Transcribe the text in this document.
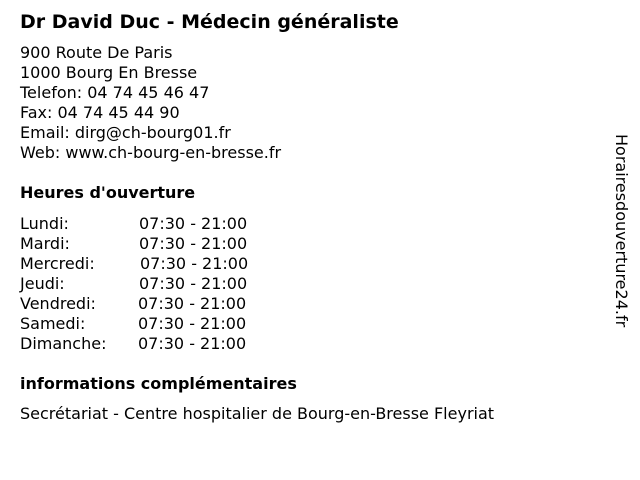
Dr David Duc - Médecin généraliste
900 Route De Paris
1000 Bourg En Bresse
Telefon: 04 74 45 46 47
Fax: 04 74 45 44 90
Email: dirg@ch-bourg01.fr
Web: www.ch-bourg-en-bresse.fr
Heures d'ouverture
Lundi:	07:30 - 21:00
Mardi:	07:30 - 21:00
Mercredi:	07:30 - 21:00
Jeudi:	07:30 - 21:00
Vendredi:	07:30 - 21:00
Samedi:	07:30 - 21:00
Dimanche: 07:30 - 21:00
informations complémentaires
Secrétariat - Centre hospitalier de Bourg-en-Bresse Fleyriat
Horairesdouverture24.fr
